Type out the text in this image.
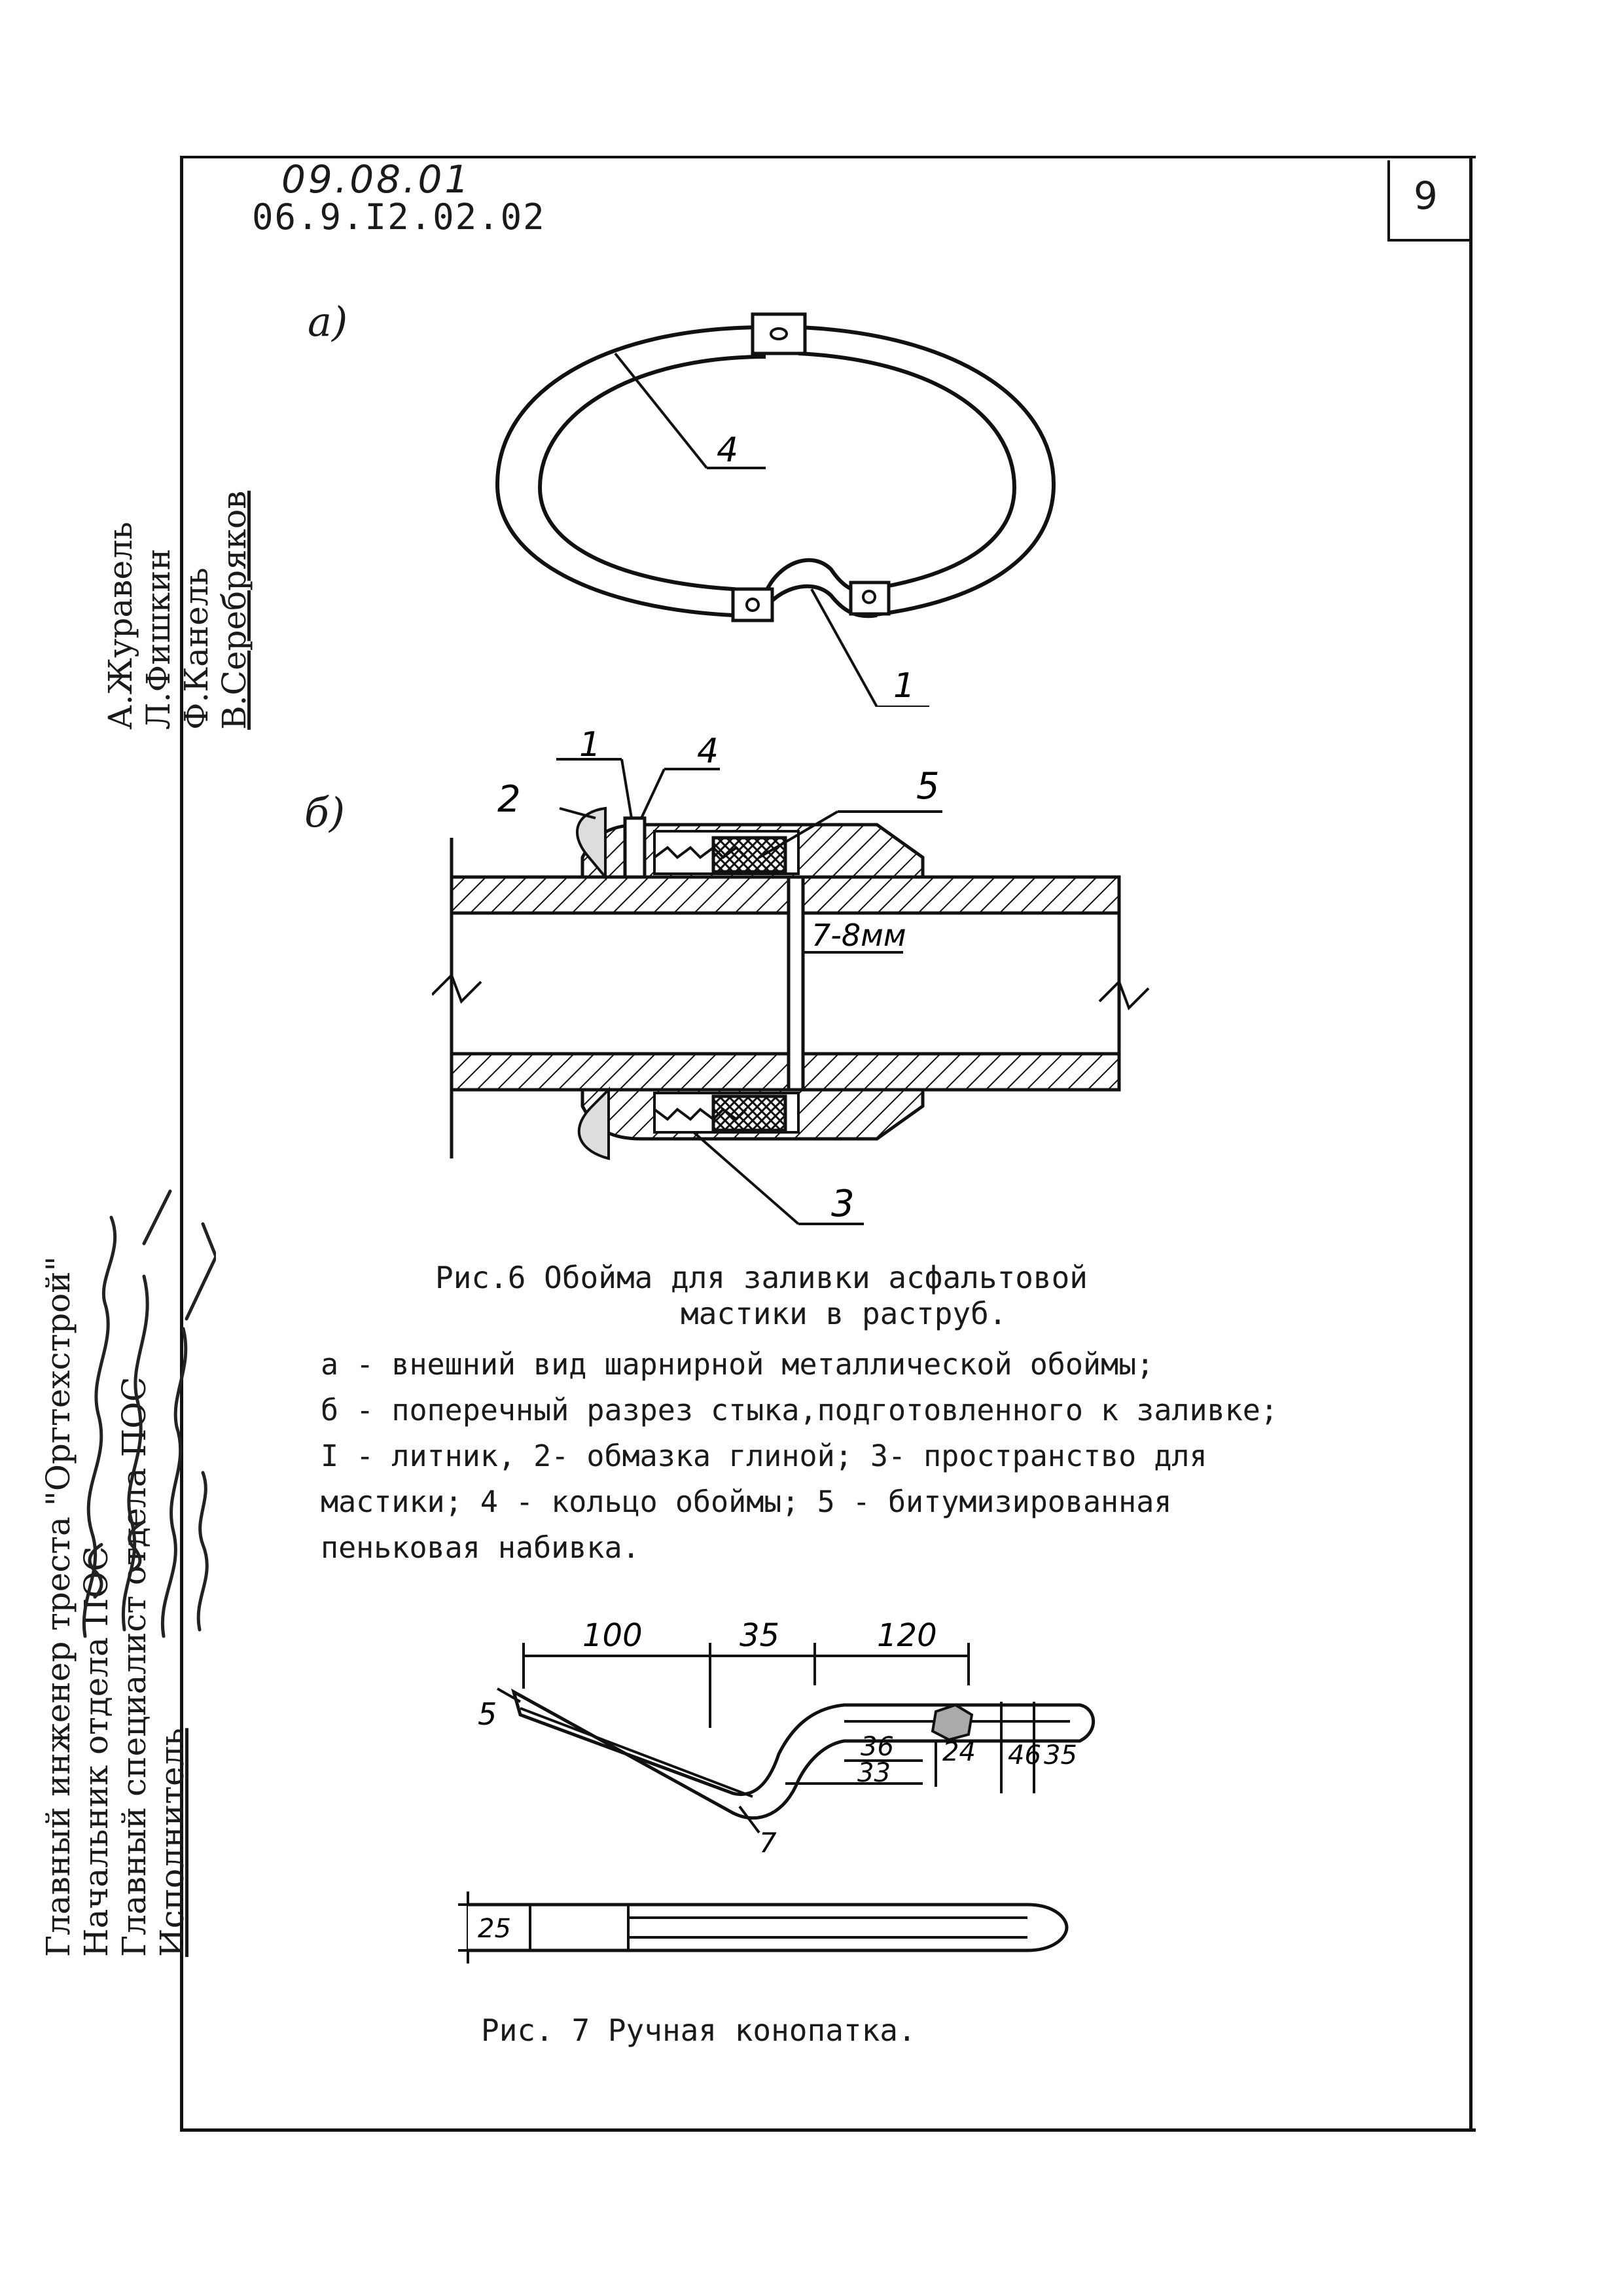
9
09.08.01
06.9.I2.02.02
Главный инженер треста "Оргтехстрой" Начальник отдела ПОС Главный специалист отдела ПОС Исполнитель
А.Журавель Л.Фишкин Ф.Канель В.Серебряков
а)
б)
4
1
2
1	4
5
7-8мм
3
Рис.6 Обойма для заливки асфальтовой
мастики в раструб.
а - внешний вид шарнирной металлической обоймы;
б - поперечный разрез стыка,подготовленного к заливке;
I - литник, 2- обмазка глиной; 3- пространство для
мастики; 4 - кольцо обоймы; 5 - битумизированная
пеньковая набивка.
100	35	120
5
36
33
24 46 35
7
25
Рис. 7 Ручная конопатка.
